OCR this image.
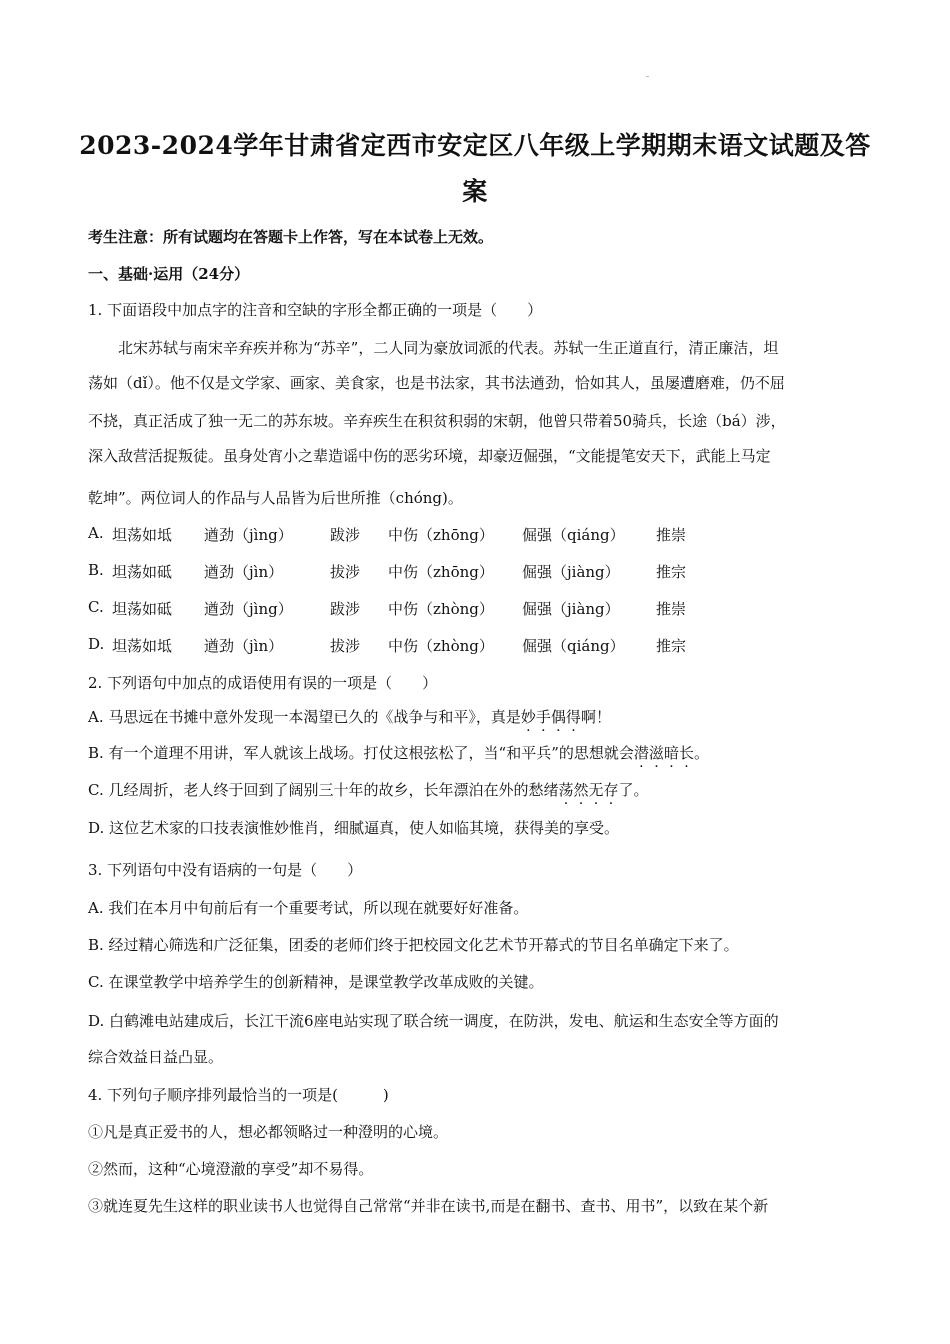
2023-2024学年甘肃省定西市安定区八年级上学期期末语文试题及答
案
考生注意：所有试题均在答题卡上作答，写在本试卷上无效。
一、基础·运用（24分）
1. 下面语段中加点字的注音和空缺的字形全都正确的一项是（　　）
北宋苏轼与南宋辛弃疾并称为“苏辛”，二人同为豪放词派的代表。苏轼一生正道直行，清正廉洁，坦
荡如（dǐ）。他不仅是文学家、画家、美食家，也是书法家，其书法遒劲，恰如其人，虽屡遭磨难，仍不屈
不挠，真正活成了独一无二的苏东坡。辛弃疾生在积贫积弱的宋朝，他曾只带着50骑兵，长途（bá）涉，
深入敌营活捉叛徒。虽身处宵小之辈造谣中伤的恶劣环境，却豪迈倔强，“文能提笔安天下，武能上马定
乾坤”。两位词人的作品与人品皆为后世所推（chóng)。
A. 坦荡如坻 遒劲（jìng） 跋涉 中伤（zhōng） 倔强（qiáng） 推崇
B. 坦荡如砥 遒劲（jìn）	拔涉 中伤（zhōng） 倔强（jiàng） 推宗
C. 坦荡如砥 遒劲（jìng） 跋涉 中伤（zhòng） 倔强（jiàng） 推崇
D. 坦荡如坻 遒劲（jìn）	拔涉 中伤（zhòng） 倔强（qiáng） 推宗
2. 下列语句中加点的成语使用有误的一项是（　　）
A. 马思远在书摊中意外发现一本渴望已久的《战争与和平》，真是妙手偶得啊！
B. 有一个道理不用讲，军人就该上战场。打仗这根弦松了，当“和平兵”的思想就会潜滋暗长。
C. 几经周折，老人终于回到了阔别三十年的故乡，长年漂泊在外的愁绪荡然无存了。
D. 这位艺术家的口技表演惟妙惟肖，细腻逼真，使人如临其境，获得美的享受。
3. 下列语句中没有语病的一句是（　　）
A. 我们在本月中旬前后有一个重要考试，所以现在就要好好准备。
B. 经过精心筛选和广泛征集，团委的老师们终于把校园文化艺术节开幕式的节目名单确定下来了。
C. 在课堂教学中培养学生的创新精神，是课堂教学改革成败的关键。
D. 白鹤滩电站建成后，长江干流6座电站实现了联合统一调度，在防洪，发电、航运和生态安全等方面的
综合效益日益凸显。
4. 下列句子顺序排列最恰当的一项是(　　　)
①凡是真正爱书的人，想必都领略过一种澄明的心境。
②然而，这种“心境澄澈的享受”却不易得。
③就连夏先生这样的职业读书人也觉得自己常常“并非在读书,而是在翻书、查书、用书”，以致在某个新
